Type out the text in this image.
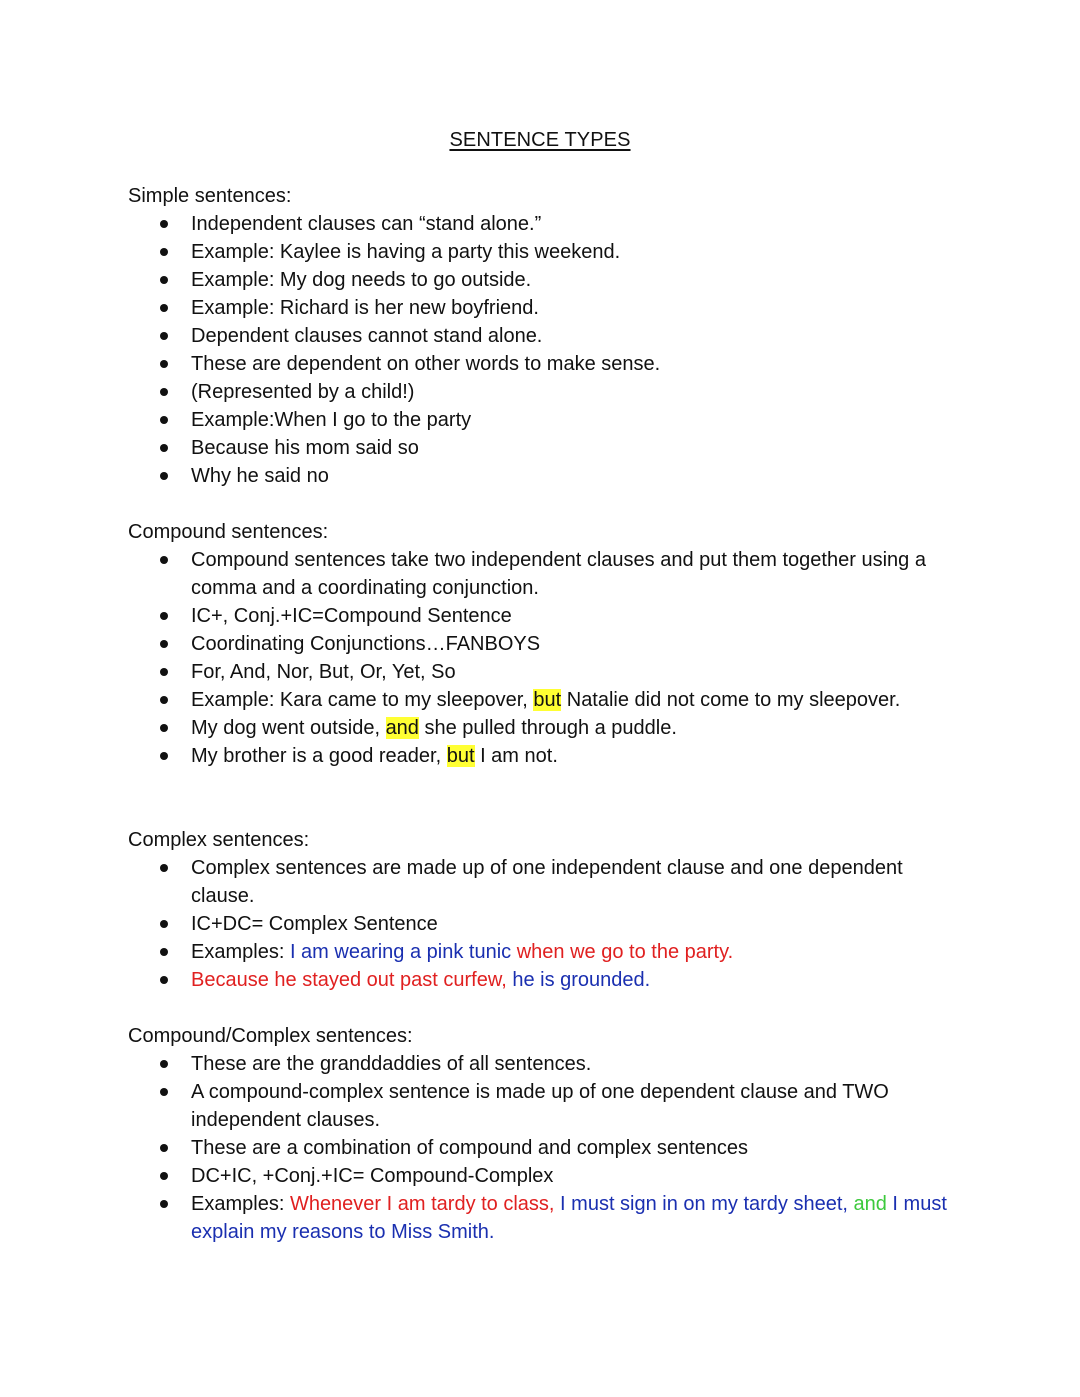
SENTENCE TYPES
Simple sentences:
Independent clauses can “stand alone.”
Example: Kaylee is having a party this weekend.
Example: My dog needs to go outside.
Example: Richard is her new boyfriend.
Dependent clauses cannot stand alone.
These are dependent on other words to make sense.
(Represented by a child!)
Example:When I go to the party
Because his mom said so
Why he said no
Compound sentences:
Compound sentences take two independent clauses and put them together using a comma and a coordinating conjunction.
IC+, Conj.+IC=Compound Sentence
Coordinating Conjunctions…FANBOYS
For, And, Nor, But, Or, Yet, So
Example: Kara came to my sleepover, but Natalie did not come to my sleepover.
My dog went outside, and she pulled through a puddle.
My brother is a good reader, but I am not.
Complex sentences:
Complex sentences are made up of one independent clause and one dependent clause.
IC+DC= Complex Sentence
Examples: I am wearing a pink tunic when we go to the party.
Because he stayed out past curfew, he is grounded.
Compound/Complex sentences:
These are the granddaddies of all sentences.
A compound-complex sentence is made up of one dependent clause and TWO independent clauses.
These are a combination of compound and complex sentences
DC+IC, +Conj.+IC= Compound-Complex
Examples: Whenever I am tardy to class, I must sign in on my tardy sheet, and I must explain my reasons to Miss Smith.
